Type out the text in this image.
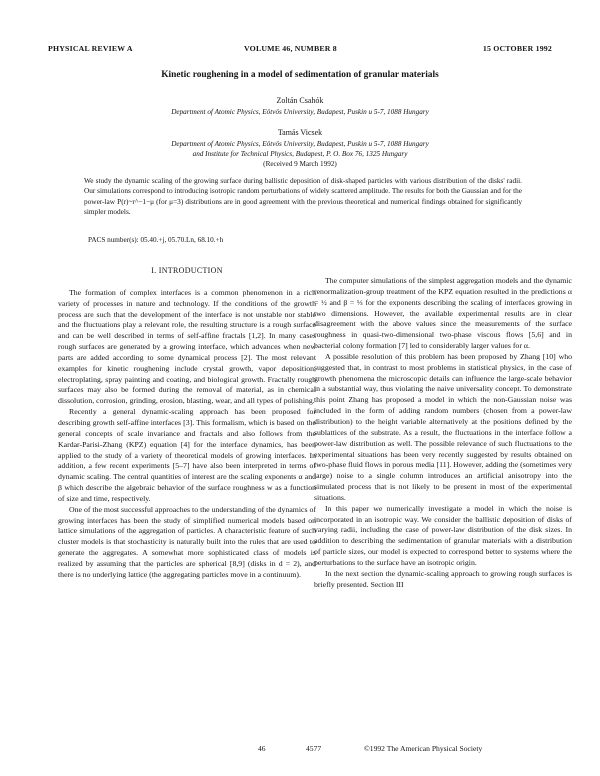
PHYSICAL REVIEW A	VOLUME 46, NUMBER 8	15 OCTOBER 1992
Kinetic roughening in a model of sedimentation of granular materials
Zoltán Csahók
Department of Atomic Physics, Eötvös University, Budapest, Puskin u 5-7, 1088 Hungary
Tamás Vicsek
Department of Atomic Physics, Eötvös University, Budapest, Puskin u 5-7, 1088 Hungary
and Institute for Technical Physics, Budapest, P. O. Box 76, 1325 Hungary
(Received 9 March 1992)
We study the dynamic scaling of the growing surface during ballistic deposition of disk-shaped particles with various distribution of the disks' radii. Our simulations correspond to introducing isotropic random perturbations of widely scattered amplitude. The results for both the Gaussian and for the power-law P(r)~r^−1−μ (for μ=3) distributions are in good agreement with the previous theoretical and numerical findings obtained for significantly simpler models.
PACS number(s): 05.40.+j, 05.70.Ln, 68.10.+h
I. INTRODUCTION

The formation of complex interfaces is a common phenomenon in a rich variety of processes in nature and technology. If the conditions of the growth process are such that the development of the interface is not unstable nor stable and the fluctuations play a relevant role, the resulting structure is a rough surface and can be well described in terms of self-affine fractals [1,2]. In many cases rough surfaces are generated by a growing interface, which advances when new parts are added according to some dynamical process [2]. The most relevant examples for kinetic roughening include crystal growth, vapor deposition, electroplating, spray painting and coating, and biological growth. Fractally rough surfaces may also be formed during the removal of material, as in chemical dissolution, corrosion, grinding, erosion, blasting, wear, and all types of polishing.

Recently a general dynamic-scaling approach has been proposed for describing growth self-affine interfaces [3]. This formalism, which is based on the general concepts of scale invariance and fractals and also follows from the Kardar-Parisi-Zhang (KPZ) equation [4] for the interface dynamics, has been applied to the study of a variety of theoretical models of growing interfaces. In addition, a few recent experiments [5–7] have also been interpreted in terms of dynamic scaling. The central quantities of interest are the scaling exponents α and β which describe the algebraic behavior of the surface roughness w as a function of size and time, respectively.

One of the most successful approaches to the understanding of the dynamics of growing interfaces has been the study of simplified numerical models based on lattice simulations of the aggregation of particles. A characteristic feature of such cluster models is that stochasticity is naturally built into the rules that are used to generate the aggregates. A somewhat more sophisticated class of models is realized by assuming that the particles are spherical [8,9] (disks in d = 2), and there is no underlying lattice (the aggregating particles move in a continuum).

The computer simulations of the simplest aggregation models and the dynamic renormalization-group treatment of the KPZ equation resulted in the predictions α = ½ and β = ⅓ for the exponents describing the scaling of interfaces growing in two dimensions. However, the available experimental results are in clear disagreement with the above values since the measurements of the surface roughness in quasi-two-dimensional two-phase viscous flows [5,6] and in bacterial colony formation [7] led to considerably larger values for α.

A possible resolution of this problem has been proposed by Zhang [10] who suggested that, in contrast to most problems in statistical physics, in the case of growth phenomena the microscopic details can influence the large-scale behavior in a substantial way, thus violating the naive universality concept. To demonstrate this point Zhang has proposed a model in which the non-Gaussian noise was included in the form of adding random numbers (chosen from a power-law distribution) to the height variable alternatively at the positions defined by the sublattices of the substrate. As a result, the fluctuations in the interface follow a power-law distribution as well. The possible relevance of such fluctuations to the experimental situations has been very recently suggested by results obtained on two-phase fluid flows in porous media [11]. However, adding the (sometimes very large) noise to a single column introduces an artificial anisotropy into the simulated process that is not likely to be present in most of the experimental situations.

In this paper we numerically investigate a model in which the noise is incorporated in an isotropic way. We consider the ballistic deposition of disks of varying radii, including the case of power-law distribution of the disk sizes. In addition to describing the sedimentation of granular materials with a distribution of particle sizes, our model is expected to correspond better to systems where the perturbations to the surface have an isotropic origin.

In the next section the dynamic-scaling approach to growing rough surfaces is briefly presented. Section III

46	4577	©1992 The American Physical Society
